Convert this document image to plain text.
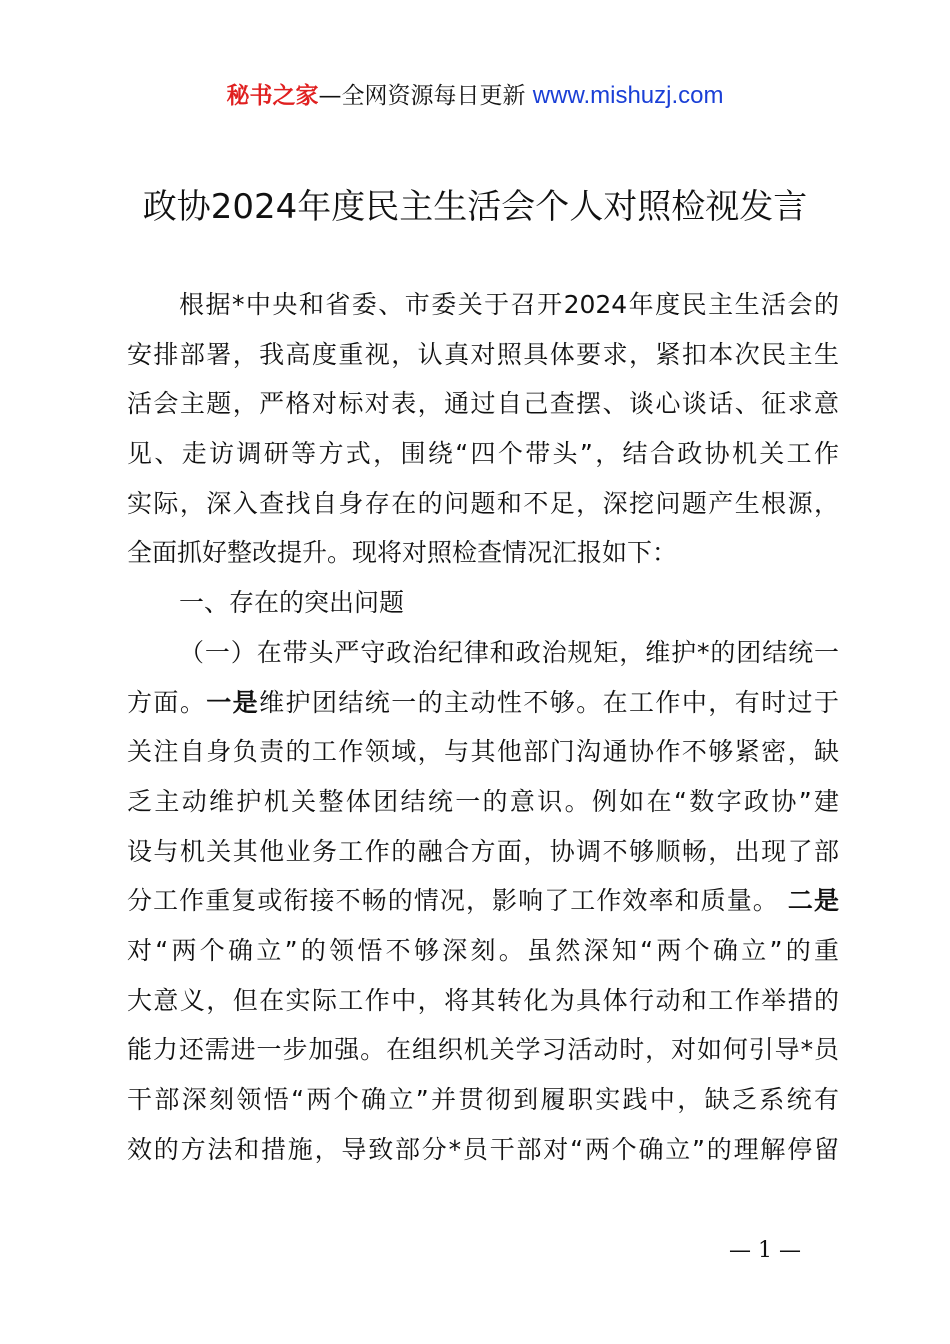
秘书之家—全网资源每日更新 www.mishuzj.com
政协2024年度民主生活会个人对照检视发言
根据*中央和省委、市委关于召开2024年度民主生活会的
安排部署，我高度重视，认真对照具体要求，紧扣本次民主生
活会主题，严格对标对表，通过自己查摆、谈心谈话、征求意
见、走访调研等方式，围绕“四个带头”，结合政协机关工作
实际，深入查找自身存在的问题和不足，深挖问题产生根源，
全面抓好整改提升。现将对照检查情况汇报如下：
一、存在的突出问题
（一）在带头严守政治纪律和政治规矩，维护*的团结统一
方面。一是维护团结统一的主动性不够。在工作中，有时过于
关注自身负责的工作领域，与其他部门沟通协作不够紧密，缺
乏主动维护机关整体团结统一的意识。例如在“数字政协”建
设与机关其他业务工作的融合方面，协调不够顺畅，出现了部
分工作重复或衔接不畅的情况，影响了工作效率和质量。 二是
对“两个确立”的领悟不够深刻。虽然深知“两个确立”的重
大意义，但在实际工作中，将其转化为具体行动和工作举措的
能力还需进一步加强。在组织机关学习活动时，对如何引导*员
干部深刻领悟“两个确立”并贯彻到履职实践中，缺乏系统有
效的方法和措施，导致部分*员干部对“两个确立”的理解停留
— 1 —
